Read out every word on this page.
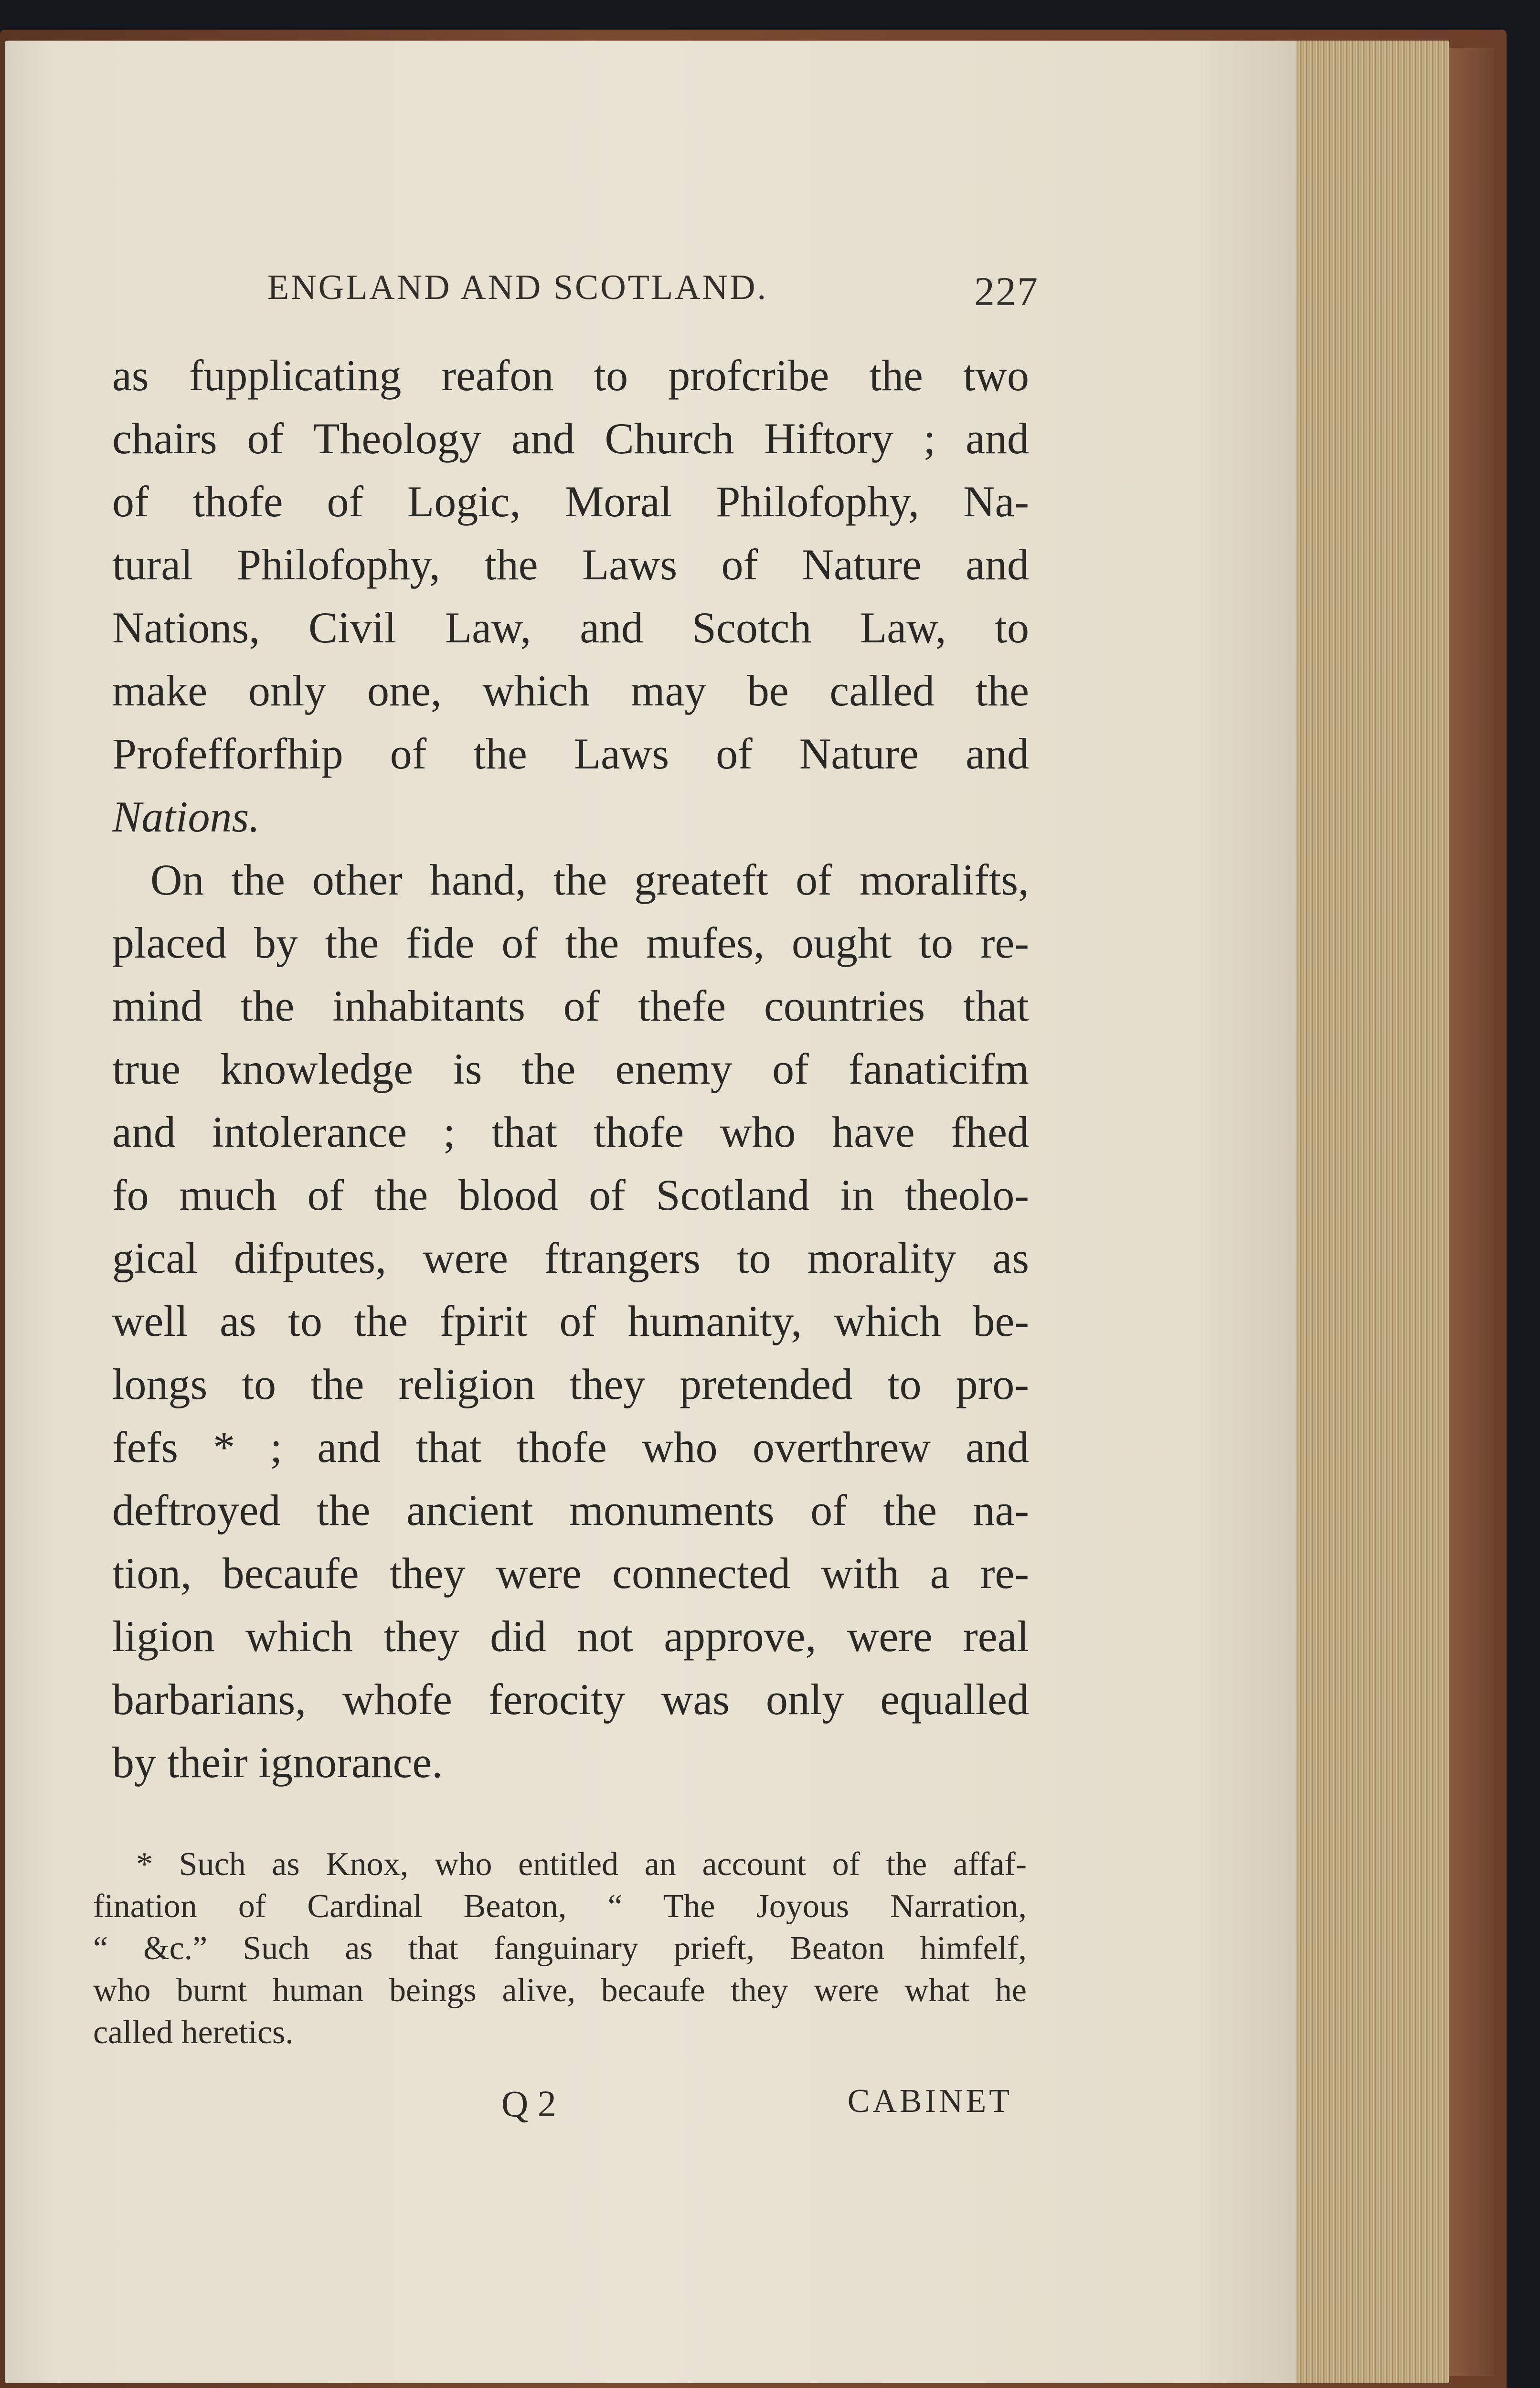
ENGLAND AND SCOTLAND.	227
as fupplicating reafon to profcribe the two
chairs of Theology and Church Hiftory ; and
of thofe of Logic, Moral Philofophy, Na-
tural Philofophy, the Laws of Nature and
Nations, Civil Law, and Scotch Law, to
make only one, which may be called the
Profefforfhip of the Laws of Nature and
Nations.
On the other hand, the greateft of moralifts,
placed by the fide of the mufes, ought to re-
mind the inhabitants of thefe countries that
true knowledge is the enemy of fanaticifm
and intolerance ; that thofe who have fhed
fo much of the blood of Scotland in theolo-
gical difputes, were ftrangers to morality as
well as to the fpirit of humanity, which be-
longs to the religion they pretended to pro-
fefs * ; and that thofe who overthrew and
deftroyed the ancient monuments of the na-
tion, becaufe they were connected with a re-
ligion which they did not approve, were real
barbarians, whofe ferocity was only equalled
by their ignorance.
* Such as Knox, who entitled an account of the affaf-
fination of Cardinal Beaton, “ The Joyous Narration,
“ &c.” Such as that fanguinary prieft, Beaton himfelf,
who burnt human beings alive, becaufe they were what he
called heretics.
Q 2	CABINET
